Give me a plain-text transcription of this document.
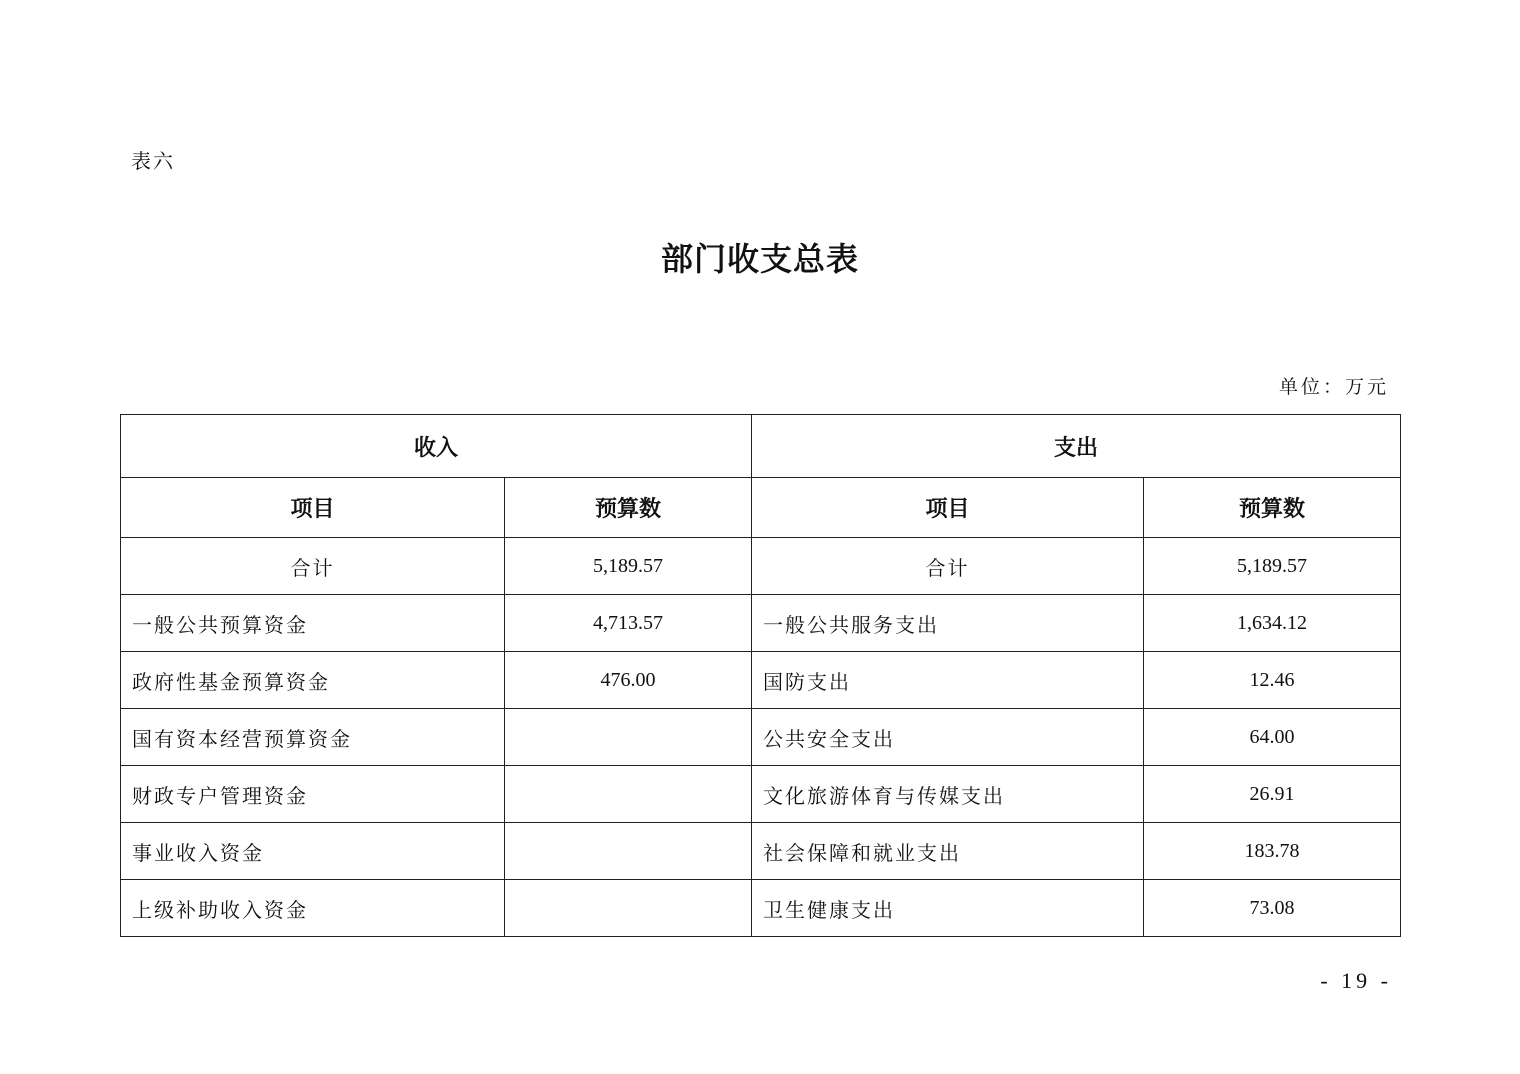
表六
部门收支总表
单位：万元
收入		支出	
项目	预算数	项目	预算数
合计	5,189.57	合计	5,189.57
一般公共预算资金	4,713.57	一般公共服务支出	1,634.12
政府性基金预算资金	476.00	国防支出	12.46
国有资本经营预算资金		公共安全支出	64.00
财政专户管理资金		文化旅游体育与传媒支出	26.91
事业收入资金		社会保障和就业支出	183.78
上级补助收入资金		卫生健康支出	73.08
- 19 -
